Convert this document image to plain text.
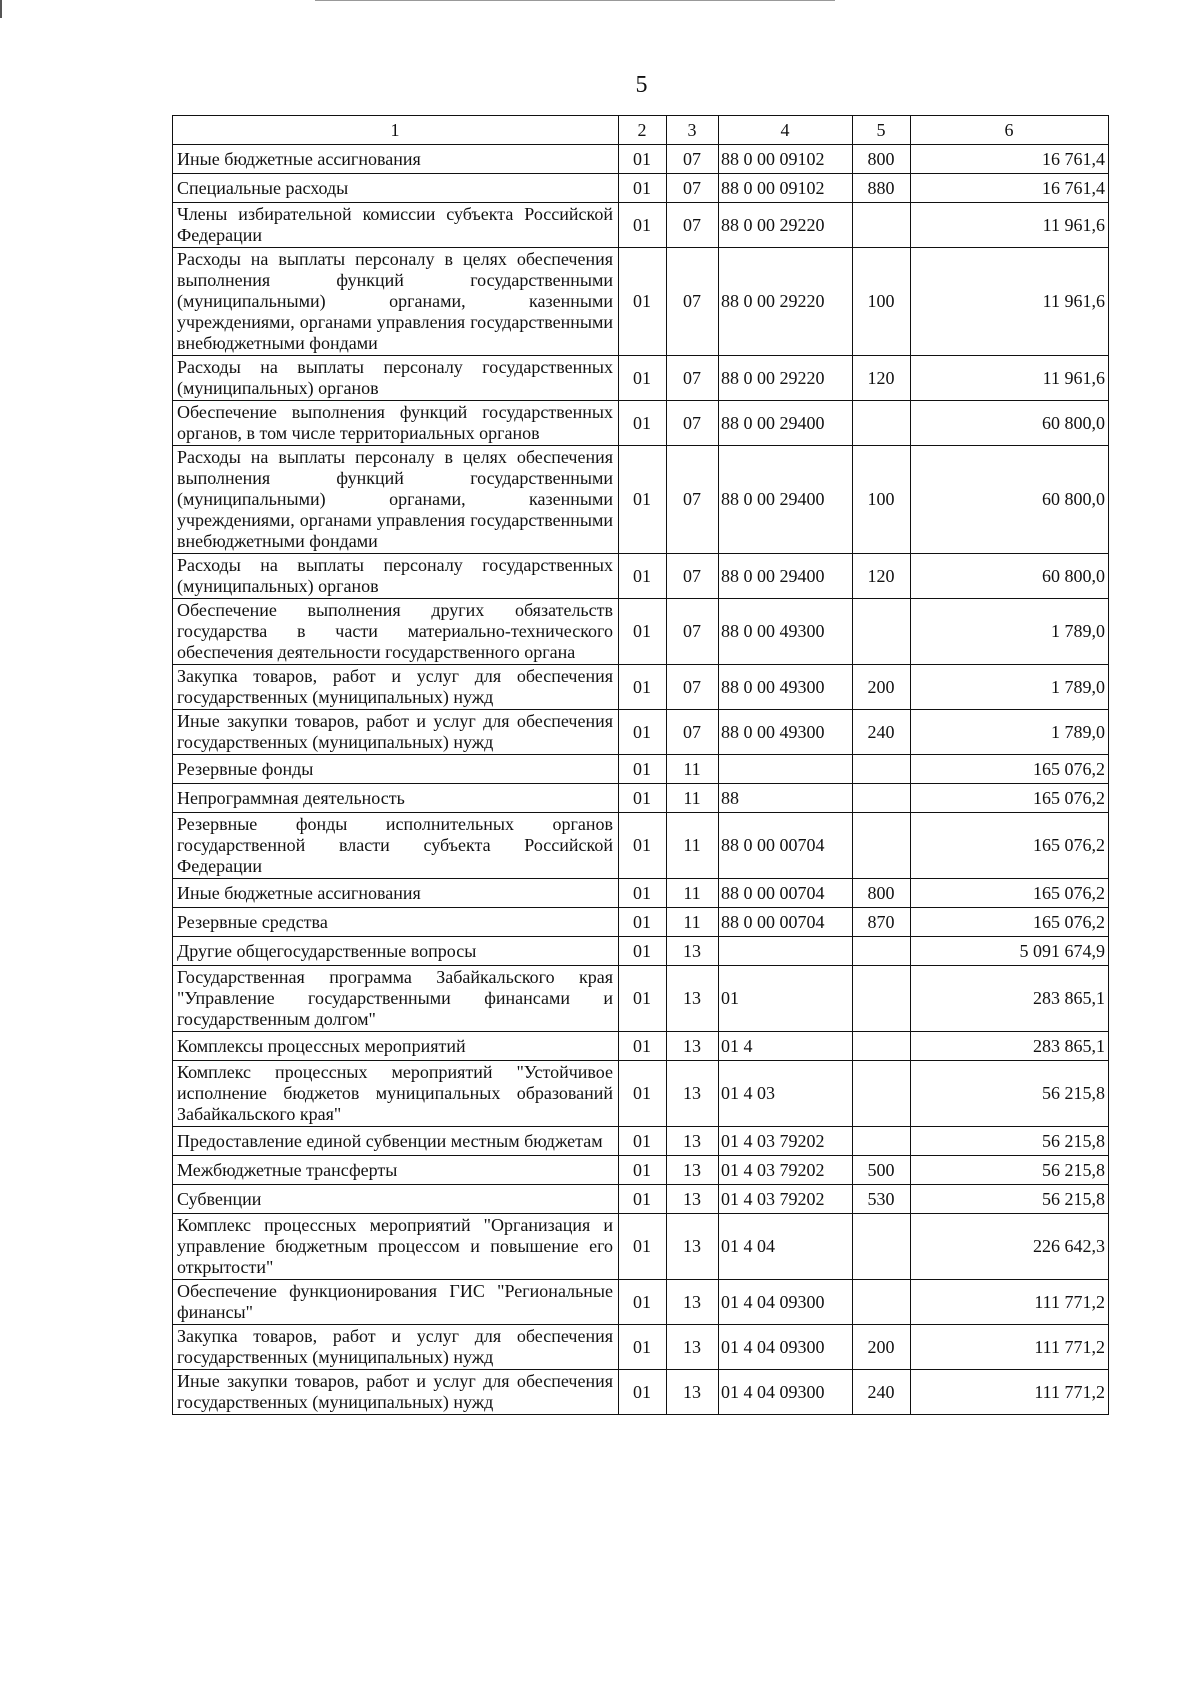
5
1	2	3	4	5	6
Иные бюджетные ассигнования	01	07	88 0 00 09102	800	16 761,4
Специальные расходы	01	07	88 0 00 09102	880	16 761,4
Члены избирательной комиссии субъекта Российской Федерации	01	07	88 0 00 29220		11 961,6
Расходы на выплаты персоналу в целях обеспечения выполнения функций государственными (муниципальными) органами, казенными учреждениями, органами управления государственными внебюджетными фондами	01	07	88 0 00 29220	100	11 961,6
Расходы на выплаты персоналу государственных (муниципальных) органов	01	07	88 0 00 29220	120	11 961,6
Обеспечение выполнения функций государственных органов, в том числе территориальных органов	01	07	88 0 00 29400		60 800,0
Расходы на выплаты персоналу в целях обеспечения выполнения функций государственными (муниципальными) органами, казенными учреждениями, органами управления государственными внебюджетными фондами	01	07	88 0 00 29400	100	60 800,0
Расходы на выплаты персоналу государственных (муниципальных) органов	01	07	88 0 00 29400	120	60 800,0
Обеспечение выполнения других обязательств государства в части материально-технического обеспечения деятельности государственного органа	01	07	88 0 00 49300		1 789,0
Закупка товаров, работ и услуг для обеспечения государственных (муниципальных) нужд	01	07	88 0 00 49300	200	1 789,0
Иные закупки товаров, работ и услуг для обеспечения государственных (муниципальных) нужд	01	07	88 0 00 49300	240	1 789,0
Резервные фонды	01	11			165 076,2
Непрограммная деятельность	01	11	88		165 076,2
Резервные фонды исполнительных органов государственной власти субъекта Российской Федерации	01	11	88 0 00 00704		165 076,2
Иные бюджетные ассигнования	01	11	88 0 00 00704	800	165 076,2
Резервные средства	01	11	88 0 00 00704	870	165 076,2
Другие общегосударственные вопросы	01	13			5 091 674,9
Государственная программа Забайкальского края "Управление государственными финансами и государственным долгом"	01	13	01		283 865,1
Комплексы процессных мероприятий	01	13	01 4		283 865,1
Комплекс процессных мероприятий "Устойчивое исполнение бюджетов муниципальных образований Забайкальского края"	01	13	01 4 03		56 215,8
Предоставление единой субвенции местным бюджетам	01	13	01 4 03 79202		56 215,8
Межбюджетные трансферты	01	13	01 4 03 79202	500	56 215,8
Субвенции	01	13	01 4 03 79202	530	56 215,8
Комплекс процессных мероприятий "Организация и управление бюджетным процессом и повышение его открытости"	01	13	01 4 04		226 642,3
Обеспечение функционирования ГИС "Региональные финансы"	01	13	01 4 04 09300		111 771,2
Закупка товаров, работ и услуг для обеспечения государственных (муниципальных) нужд	01	13	01 4 04 09300	200	111 771,2
Иные закупки товаров, работ и услуг для обеспечения государственных (муниципальных) нужд	01	13	01 4 04 09300	240	111 771,2
